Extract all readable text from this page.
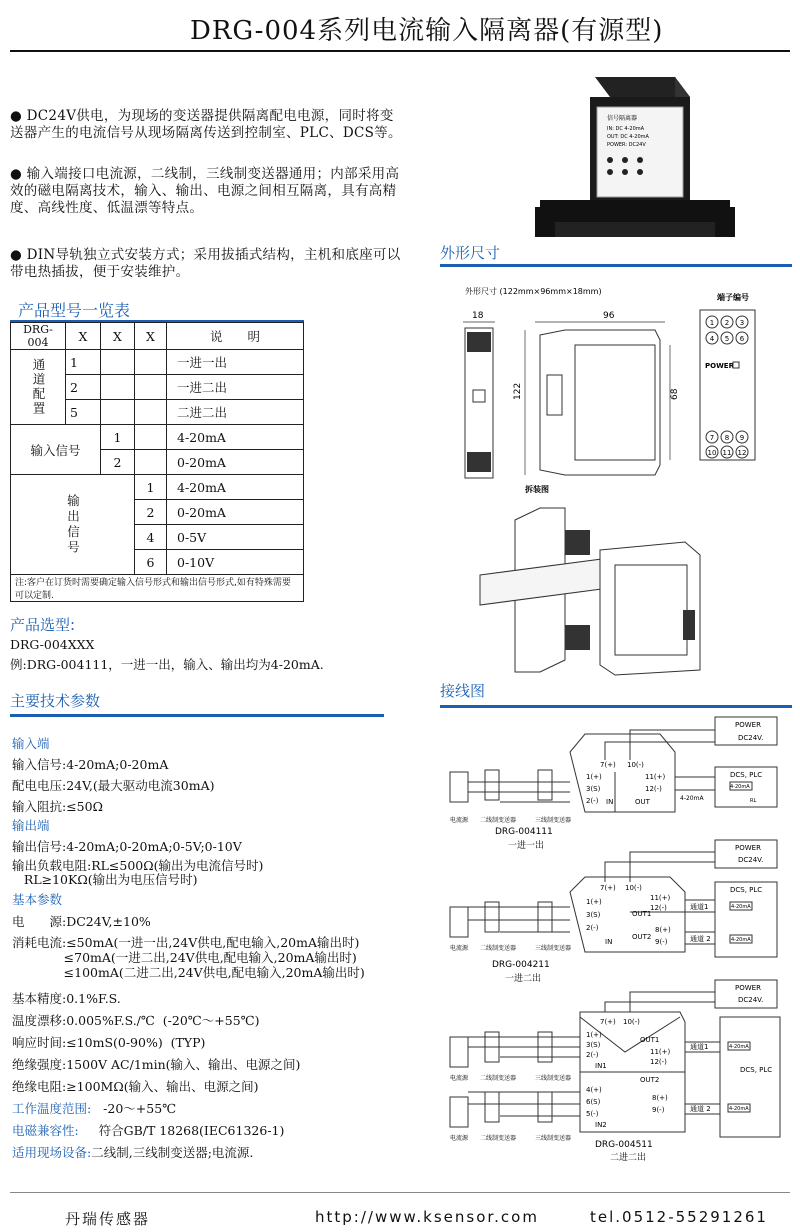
DRG-004系列电流输入隔离器(有源型)
● DC24V供电，为现场的变送器提供隔离配电电源，同时将变送器产生的电流信号从现场隔离传送到控制室、PLC、DCS等。
● 输入端接口电流源，二线制，三线制变送器通用；内部采用高效的磁电隔离技术，输入、输出、电源之间相互隔离，具有高精度、高线性度、低温漂等特点。
● DIN导轨独立式安装方式；采用拔插式结构，主机和底座可以带电热插拔，便于安装维护。
信号隔离器
IN: DC 4-20mA
OUT: DC 4-20mA
POWER: DC24V
产品型号一览表
DRG-004	X	X	X	说　　明
通道配置	1			一进一出
	2			一进二出
	5			二进二出
输入信号		1		4-20mA
		2		0-20mA
输出信号			1	4-20mA
			2	0-20mA
			4	0-5V
			6	0-10V
注:客户在订货时需要确定输入信号形式和输出信号形式,如有特殊需要可以定制.				
产品选型:
DRG-004XXX
例:DRG-004111，一进一出，输入、输出均为4-20mA.
主要技术参数
输入端
输入信号:4-20mA;0-20mA
配电电压:24V,(最大驱动电流30mA)
输入阻抗:≤50Ω
输出端
输出信号:4-20mA;0-20mA;0-5V;0-10V
输出负载电阻:RL≤500Ω(输出为电流信号时)
RL≥10KΩ(输出为电压信号时)
基本参数
电　　源:DC24V,±10%
消耗电流:≤50mA(一进一出,24V供电,配电输入,20mA输出时)
≤70mA(一进二出,24V供电,配电输入,20mA输出时)
≤100mA(二进二出,24V供电,配电输入,20mA输出时)
基本精度:0.1%F.S.
温度漂移:0.005%F.S./℃  (-20℃～+55℃)
响应时间:≤10mS(0-90%)  (TYP)
绝缘强度:1500V AC/1min(输入、输出、电源之间)
绝缘电阻:≥100MΩ(输入、输出、电源之间)
工作温度范围: -20～+55℃
电磁兼容性: 符合GB/T 18268(IEC61326-1)
适用现场设备:二线制,三线制变送器;电流源.
外形尺寸
外形尺寸 (122mm×96mm×18mm)
18	96
122	68
端子编号
1 2 3
4 5 6
7 8 9
10 11 12
POWER
拆装图
接线图
POWER
DC24V.
7(+) 10(-)
1(+)
3(S)
2(-) IN
11(+)
12(-)
OUT
DCS, PLC
4-20mA
RL
4-20mA
电流源 二线制变送器	三线制变送器
DRG-004111
一进一出	POWER
DC24V.
7(+) 10(-)
1(+)
3(S)
2(-)
IN
11(+)
12(-)
OUT1
OUT2
8(+)
9(-)
DCS, PLC
4-20mA
4-20mA
通道1
通道 2
电流源 二线制变送器	三线制变送器
DRG-004211
一进二出
POWER
DC24V.
7(+) 10(-)
1(+)
3(S)
2(-)
IN1
OUT1
11(+)
12(-)
4(+)
6(S)
5(-)
IN2
OUT2
8(+)
9(-)
DCS, PLC
4-20mA
4-20mA
通道1
通道 2
电流源 二线制变送器	三线制变送器
电流源 二线制变送器	三线制变送器
DRG-004511
二进二出
丹瑞传感器	http://www.ksensor.com	tel.0512-55291261
